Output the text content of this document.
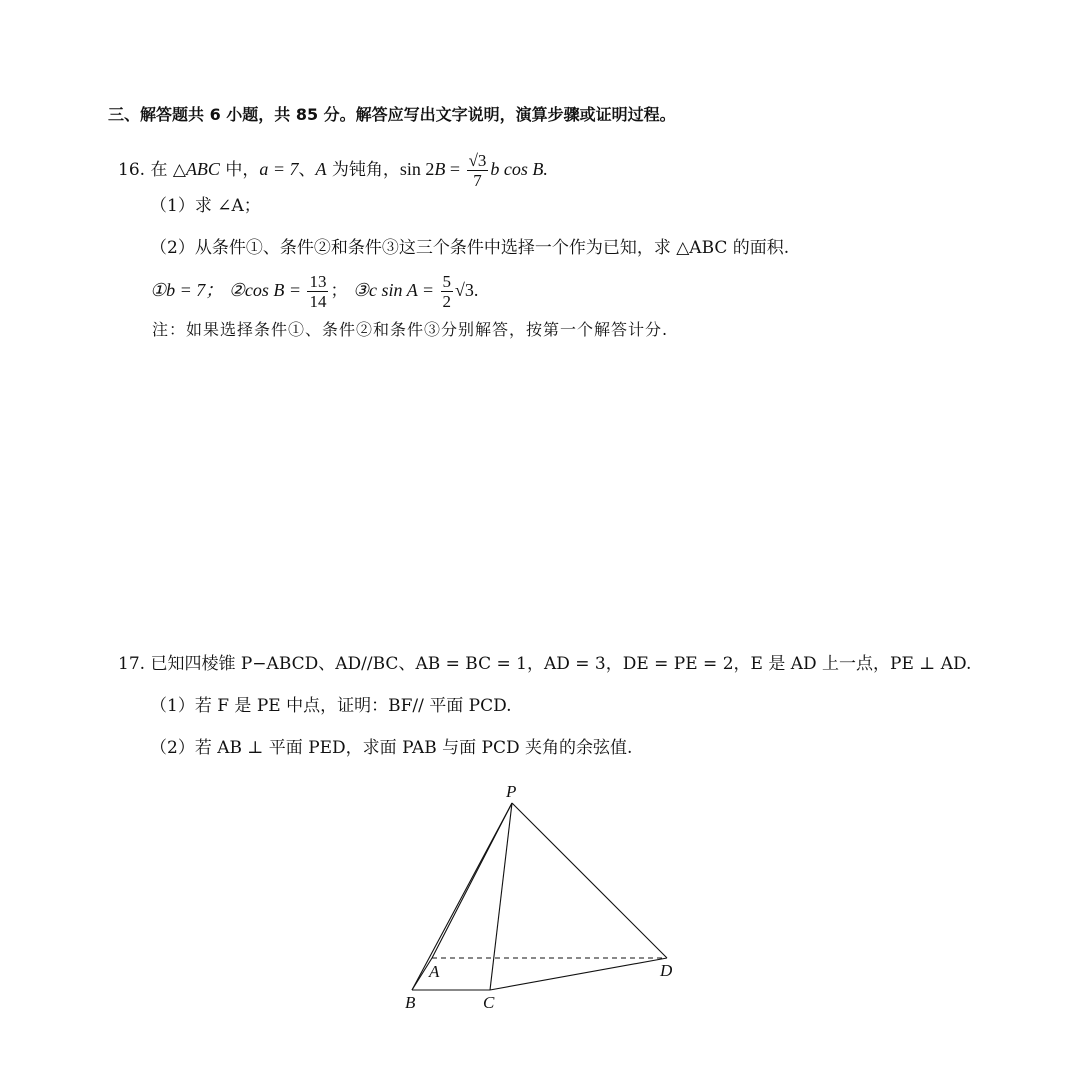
三、解答题共 6 小题，共 85 分。解答应写出文字说明，演算步骤或证明过程。
16. 在 △ABC 中，a = 7、A 为钝角，$\sin 2B = \frac{√3}{7}$ b cos B.
（1）求 ∠A；
（2）从条件①、条件②和条件③这三个条件中选择一个作为已知，求 △ABC 的面积.
①b = 7； ②cos $B = \frac{13}{14}$ ； ③c $\sin A = \frac{5}{2} √3$.
注：如果选择条件①、条件②和条件③分别解答，按第一个解答计分.
17. 已知四棱锥 P−ABCD、AD//BC、AB = BC = 1，AD = 3，DE = PE = 2，E 是 AD 上一点，PE ⊥ AD.
（1）若 F 是 PE 中点，证明：BF// 平面 PCD.
（2）若 AB ⊥ 平面 PED，求面 PAB 与面 PCD 夹角的余弦值.
P
A
B	C
D
